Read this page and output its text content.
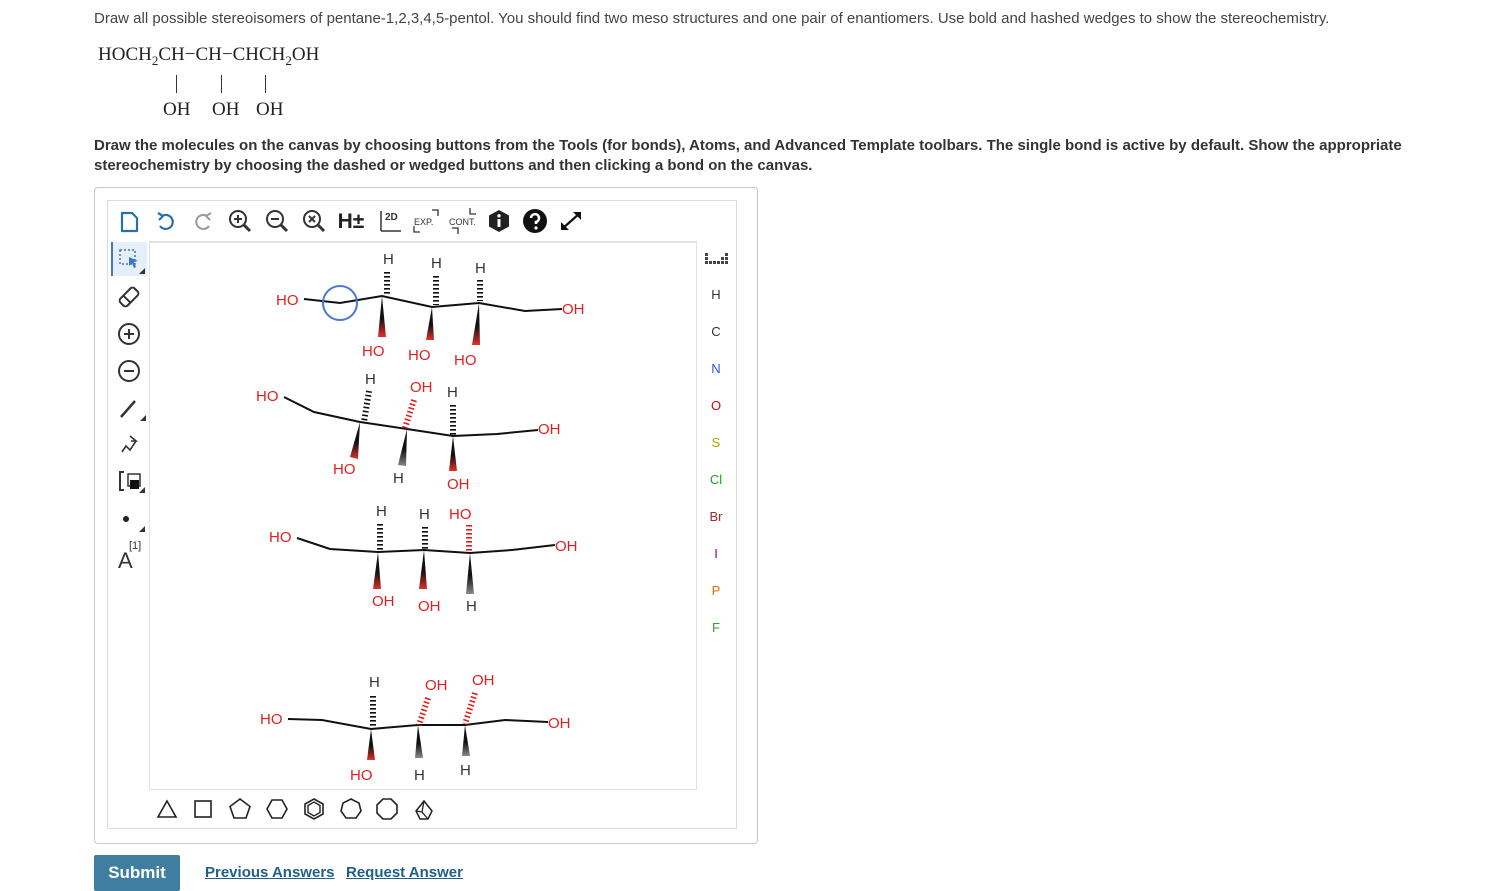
Draw all possible stereoisomers of pentane-1,2,3,4,5-pentol. You should find two meso structures and one pair of enantiomers. Use bold and hashed wedges to show the stereochemistry.
$HOCH_2CH-CH-CHCH_2OH$
OH OH OH
Draw the molecules on the canvas by choosing buttons from the Tools (for bonds), Atoms, and Advanced Template toolbars. The single bond is active by default. Show the appropriate stereochemistry by choosing the dashed or wedged buttons and then clicking a bond on the canvas.
H± 2D EXP. CONT.
A
[1]
HO
OH
H H H
HO HO HO
HO
OH
H OH H
HO
H	OH
HO
OH
H H HO
OH OH H
HO	OH
H	OH OH
HO	H H
H
C
N
O
S
Cl
Br
I
P
F
Submit	Previous Answers Request Answer
